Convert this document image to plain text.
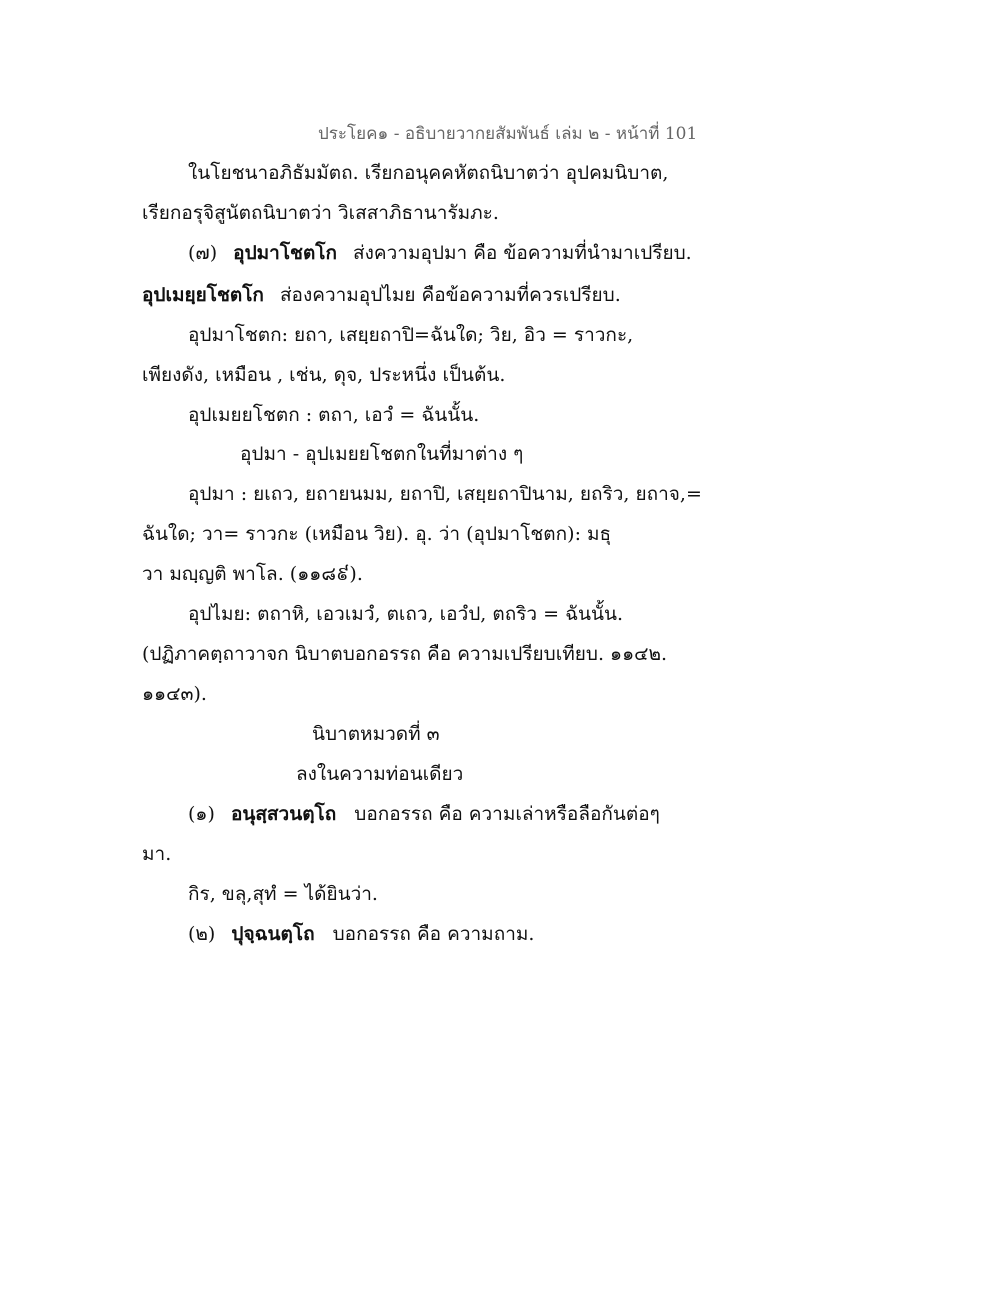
ประโยค๑ - อธิบายวากยสัมพันธ์ เล่ม ๒ - หน้าที่ 101
ในโยชนาอภิธัมมัตถ. เรียกอนุคคหัตถนิบาตว่า อุปคมนิบาต,
เรียกอรุจิสูนัตถนิบาตว่า วิเสสาภิธานารัมภะ.
(๗) อุปมาโชตโก ส่งความอุปมา คือ ข้อความที่นำมาเปรียบ.
อุปเมยฺยโชตโก ส่องความอุปไมย คือข้อความที่ควรเปรียบ.
อุปมาโชตก: ยถา, เสยฺยถาปิ=ฉันใด; วิย, อิว = ราวกะ,
เพียงดัง, เหมือน , เช่น, ดุจ, ประหนึ่ง เป็นต้น.
อุปเมยยโชตก : ตถา, เอวํ = ฉันนั้น.
อุปมา - อุปเมยยโชตกในที่มาต่าง ๆ
อุปมา : ยเถว, ยถายนมม, ยถาปิ, เสยฺยถาปินาม, ยถริว, ยถาจ,=
ฉันใด; วา= ราวกะ (เหมือน วิย). อุ. ว่า (อุปมาโชตก): มธุ
วา มญฺญติ พาโล. (๑๑๘៩).
อุปไมย: ตถาหิ, เอวเมวํ, ตเถว, เอวํป, ตถริว = ฉันนั้น.
(ปฏิภาคตฺถาวาจก นิบาตบอกอรรถ คือ ความเปรียบเทียบ. ๑๑๔๒.
๑๑๔๓).
นิบาตหมวดที่ ๓
ลงในความท่อนเดียว
(๑) อนุสฺสวนตฺโถ บอกอรรถ คือ ความเล่าหรือลือกันต่อๆ
มา.
กิร, ขลุ,สุทํ = ได้ยินว่า.
(๒) ปุจฺฉนตฺโถ บอกอรรถ คือ ความถาม.
